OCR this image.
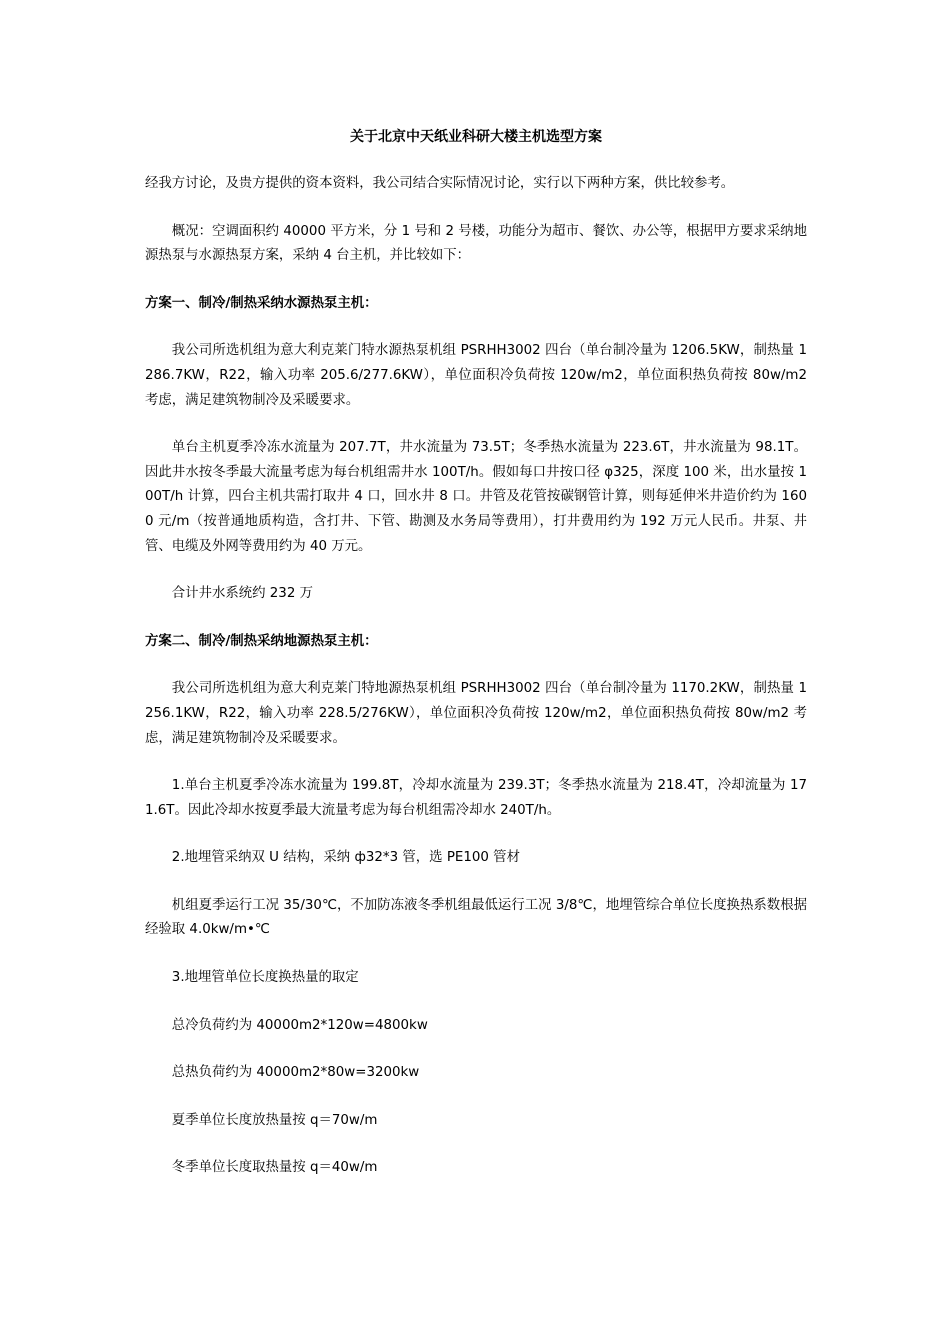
关于北京中天纸业科研大楼主机选型方案

经我方讨论，及贵方提供的资本资料，我公司结合实际情况讨论，实行以下两种方案，供比较参考。

概况：空调面积约 40000 平方米，分 1 号和 2 号楼，功能分为超市、餐饮、办公等，根据甲方要求采纳地源热泵与水源热泵方案，采纳 4 台主机，并比较如下：

方案一、制冷/制热采纳水源热泵主机：

我公司所选机组为意大利克莱门特水源热泵机组 PSRHH3002 四台（单台制冷量为 1206.5KW，制热量 1286.7KW，R22，输入功率 205.6/277.6KW），单位面积冷负荷按 120w/m2，单位面积热负荷按 80w/m2 考虑，满足建筑物制冷及采暖要求。

单台主机夏季冷冻水流量为 207.7T，井水流量为 73.5T；冬季热水流量为 223.6T，井水流量为 98.1T。因此井水按冬季最大流量考虑为每台机组需井水 100T/h。假如每口井按口径 φ325，深度 100 米，出水量按 100T/h 计算，四台主机共需打取井 4 口，回水井 8 口。井管及花管按碳钢管计算，则每延伸米井造价约为 1600 元/m（按普通地质构造，含打井、下管、勘测及水务局等费用），打井费用约为 192 万元人民币。井泵、井管、电缆及外网等费用约为 40 万元。

合计井水系统约 232 万

方案二、制冷/制热采纳地源热泵主机：

我公司所选机组为意大利克莱门特地源热泵机组 PSRHH3002 四台（单台制冷量为 1170.2KW，制热量 1256.1KW，R22，输入功率 228.5/276KW），单位面积冷负荷按 120w/m2，单位面积热负荷按 80w/m2 考虑，满足建筑物制冷及采暖要求。

1.单台主机夏季冷冻水流量为 199.8T，冷却水流量为 239.3T；冬季热水流量为 218.4T，冷却流量为 171.6T。因此冷却水按夏季最大流量考虑为每台机组需冷却水 240T/h。

2.地埋管采纳双 U 结构，采纳 ф32*3 管，选 PE100 管材

机组夏季运行工况 35/30℃，不加防冻液冬季机组最低运行工况 3/8℃，地埋管综合单位长度换热系数根据经验取 4.0kw/m•℃

3.地埋管单位长度换热量的取定

总冷负荷约为 40000m2*120w=4800kw

总热负荷约为 40000m2*80w=3200kw

夏季单位长度放热量按 q＝70w/m

冬季单位长度取热量按 q＝40w/m
